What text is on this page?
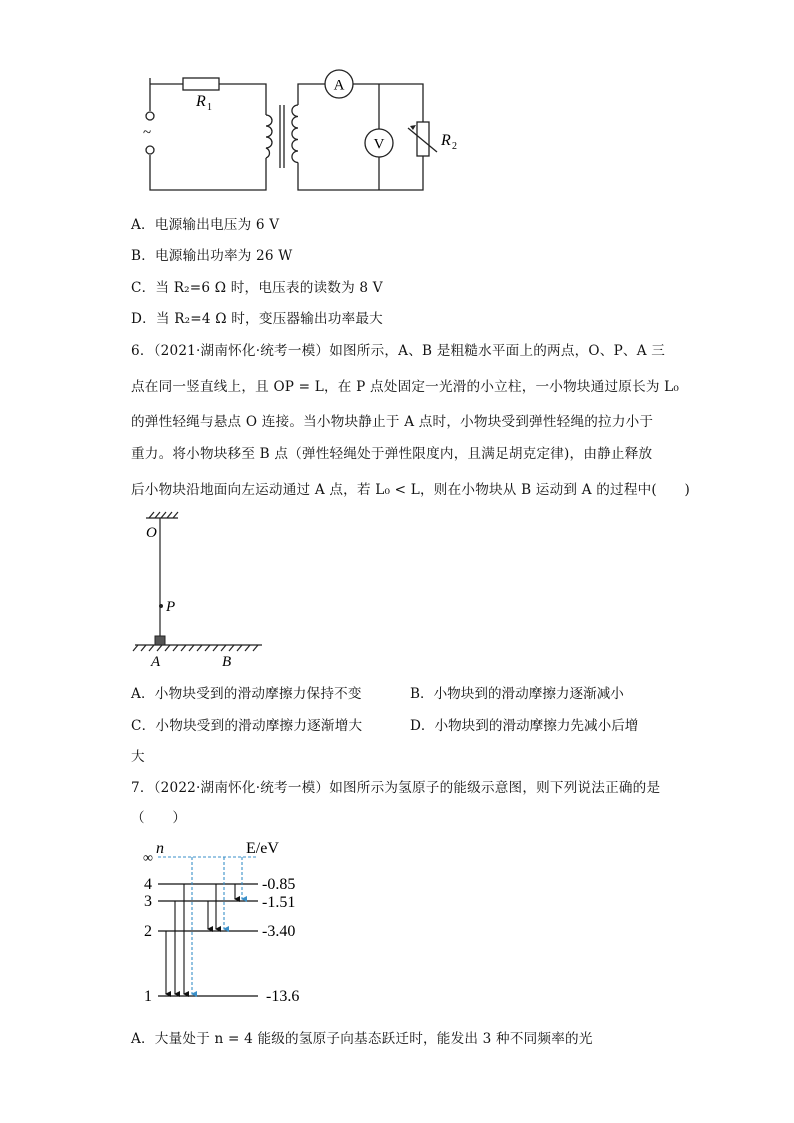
A
V
~
R 1
R 2
A．电源输出电压为 6 V
B．电源输出功率为 26 W
C．当 R₂=6 Ω 时，电压表的读数为 8 V
D．当 R₂=4 Ω 时，变压器输出功率最大
6．（2021·湖南怀化·统考一模）如图所示，A、B 是粗糙水平面上的两点，O、P、A 三
点在同一竖直线上，且 OP = L，在 P 点处固定一光滑的小立柱，一小物块通过原长为 L₀
的弹性轻绳与悬点 O 连接。当小物块静止于 A 点时，小物块受到弹性轻绳的拉力小于
重力。将小物块移至 B 点（弹性轻绳处于弹性限度内，且满足胡克定律)，由静止释放
后小物块沿地面向左运动通过 A 点，若 L₀ < L，则在小物块从 B 运动到 A 的过程中(　　)
O
P
A	B
A．小物块受到的滑动摩擦力保持不变	B．小物块到的滑动摩擦力逐渐减小
C．小物块受到的滑动摩擦力逐渐增大	D．小物块到的滑动摩擦力先减小后增
大
7．（2022·湖南怀化·统考一模）如图所示为氢原子的能级示意图，则下列说法正确的是
（　　）
∞
n	E/eV
4
3
2
1
-0.85
-1.51
-3.40
-13.6
A．大量处于 n = 4 能级的氢原子向基态跃迁时，能发出 3 种不同频率的光
